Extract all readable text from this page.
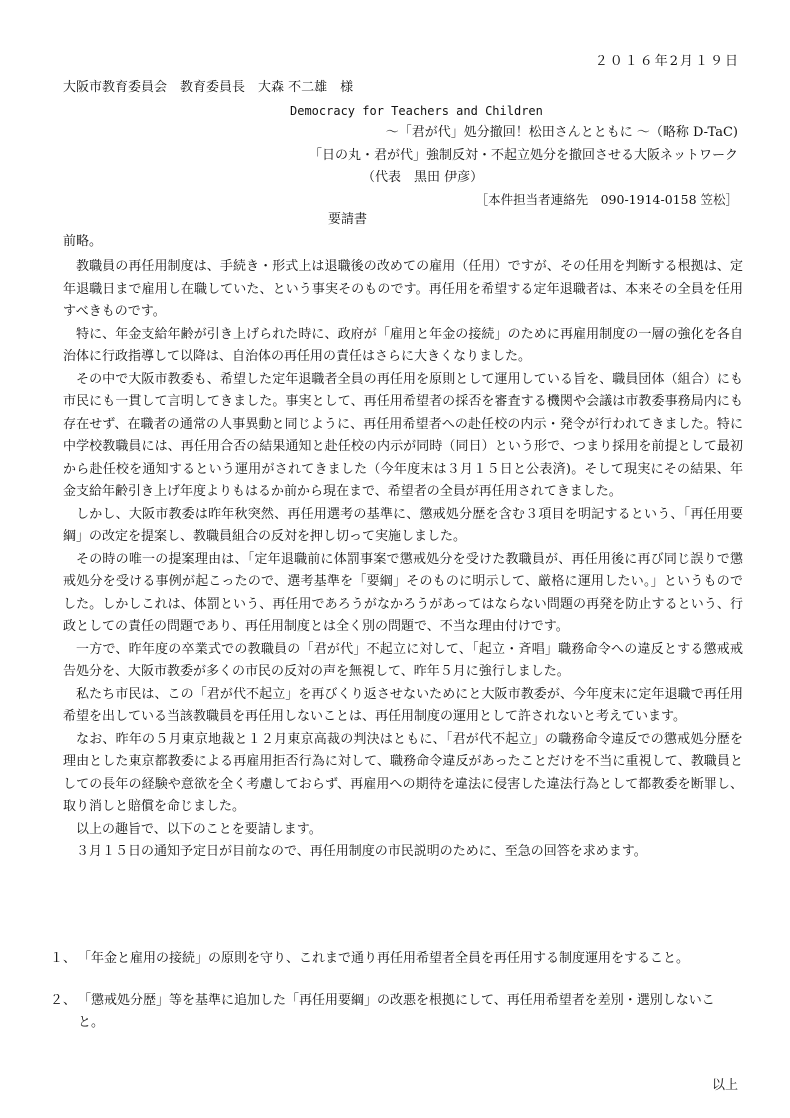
２０１６年2月１９日
大阪市教育委員会　教育委員長　大森 不二雄　様
Democracy for Teachers and Children
～「君が代」処分撤回！松田さんとともに ～（略称 D-TaC)
「日の丸・君が代」強制反対・不起立処分を撤回させる大阪ネットワーク
（代表　黒田 伊彦）
［本件担当者連絡先　090-1914-0158 笠松］
要請書
前略。

教職員の再任用制度は、手続き・形式上は退職後の改めての雇用（任用）ですが、その任用を判断する根拠は、定年退職日まで雇用し在職していた、という事実そのものです。再任用を希望する定年退職者は、本来その全員を任用すべきものです。

特に、年金支給年齢が引き上げられた時に、政府が「雇用と年金の接続」のために再雇用制度の一層の強化を各自治体に行政指導して以降は、自治体の再任用の責任はさらに大きくなりました。

その中で大阪市教委も、希望した定年退職者全員の再任用を原則として運用している旨を、職員団体（組合）にも市民にも一貫して言明してきました。事実として、再任用希望者の採否を審査する機関や会議は市教委事務局内にも存在せず、在職者の通常の人事異動と同じように、再任用希望者への赴任校の内示・発令が行われてきました。特に中学校教職員には、再任用合否の結果通知と赴任校の内示が同時（同日）という形で、つまり採用を前提として最初から赴任校を通知するという運用がされてきました（今年度末は３月１５日と公表済)。そして現実にその結果、年金支給年齢引き上げ年度よりもはるか前から現在まで、希望者の全員が再任用されてきました。

しかし、大阪市教委は昨年秋突然、再任用選考の基準に、懲戒処分歴を含む３項目を明記するという、「再任用要綱」の改定を提案し、教職員組合の反対を押し切って実施しました。

その時の唯一の提案理由は、「定年退職前に体罰事案で懲戒処分を受けた教職員が、再任用後に再び同じ誤りで懲戒処分を受ける事例が起こったので、選考基準を「要綱」そのものに明示して、厳格に運用したい。」というものでした。しかしこれは、体罰という、再任用であろうがなかろうがあってはならない問題の再発を防止するという、行政としての責任の問題であり、再任用制度とは全く別の問題で、不当な理由付けです。

一方で、昨年度の卒業式での教職員の「君が代」不起立に対して、「起立・斉唱」職務命令への違反とする懲戒戒告処分を、大阪市教委が多くの市民の反対の声を無視して、昨年５月に強行しました。

私たち市民は、この「君が代不起立」を再びくり返させないためにと大阪市教委が、今年度末に定年退職で再任用希望を出している当該教職員を再任用しないことは、再任用制度の運用として許されないと考えています。

なお、昨年の５月東京地裁と１２月東京高裁の判決はともに、「君が代不起立」の職務命令違反での懲戒処分歴を理由とした東京都教委による再雇用拒否行為に対して、職務命令違反があったことだけを不当に重視して、教職員としての長年の経験や意欲を全く考慮しておらず、再雇用への期待を違法に侵害した違法行為として都教委を断罪し、取り消しと賠償を命じました。

以上の趣旨で、以下のことを要請します。

３月１５日の通知予定日が目前なので、再任用制度の市民説明のために、至急の回答を求めます。

１、 「年金と雇用の接続」の原則を守り、これまで通り再任用希望者全員を再任用する制度運用をすること。
２、 「懲戒処分歴」等を基準に追加した「再任用要綱」の改悪を根拠にして、再任用希望者を差別・選別しないこと。
以上
